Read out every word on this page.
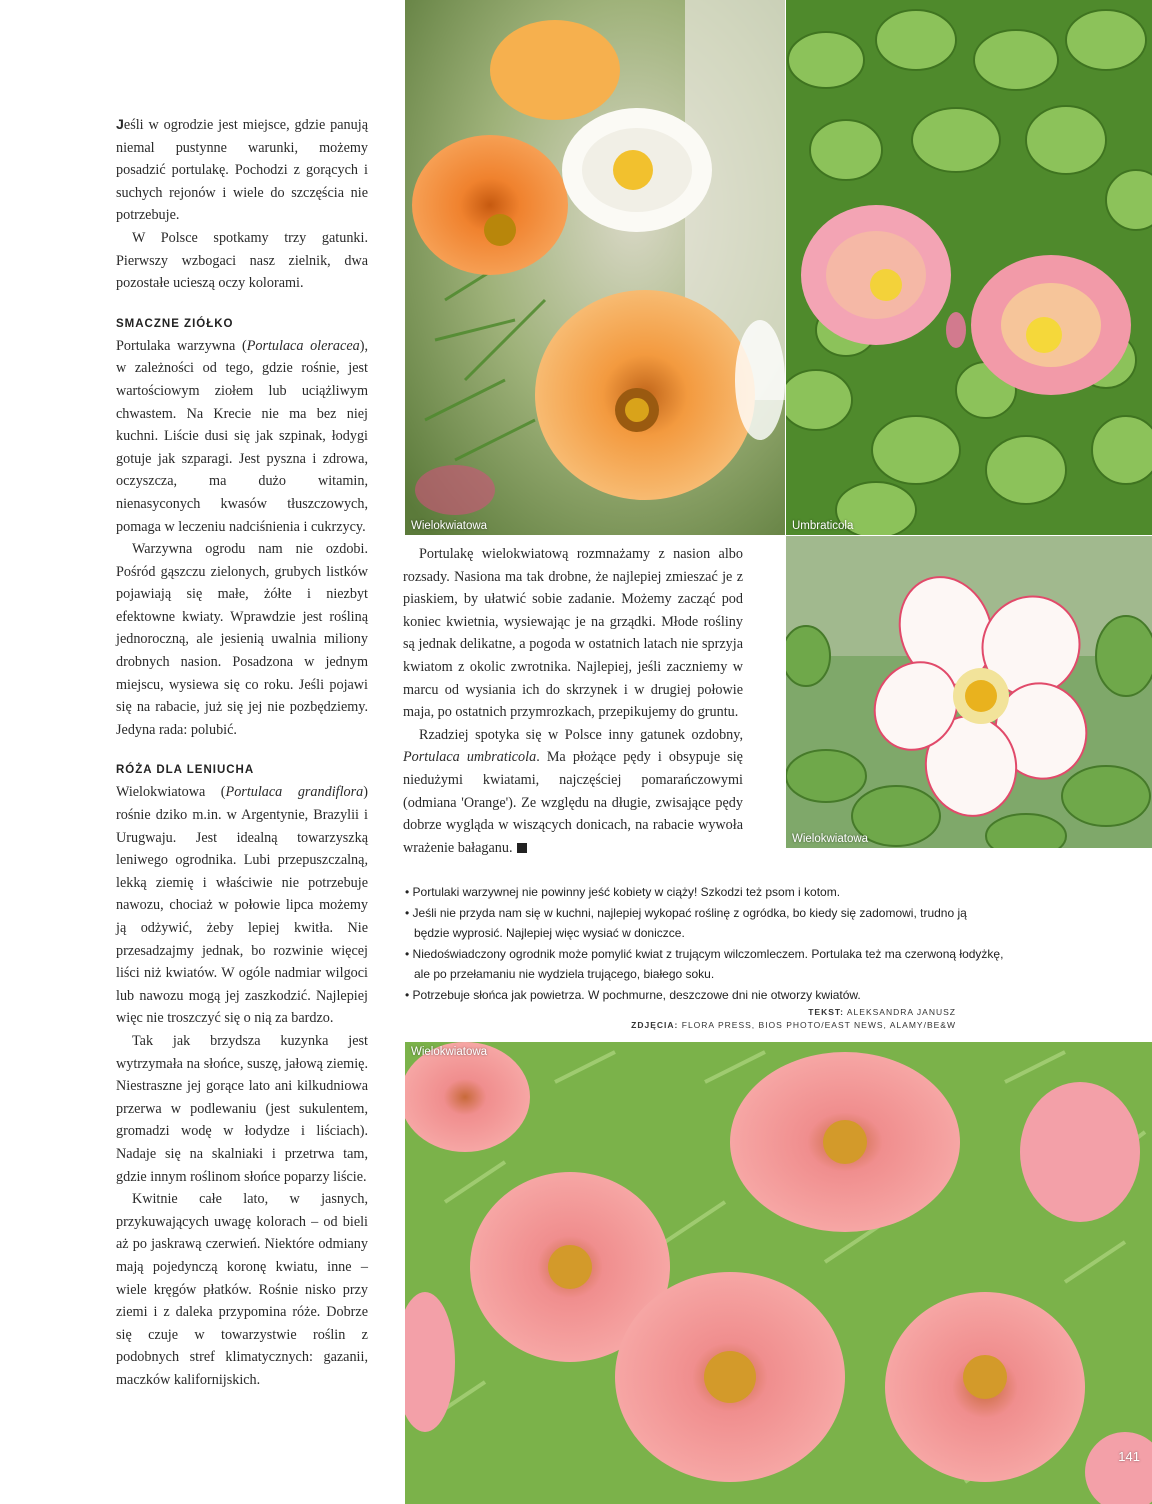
Jeśli w ogrodzie jest miejsce, gdzie panują niemal pustynne warunki, możemy posadzić portulakę. Pochodzi z gorących i suchych rejonów i wiele do szczęścia nie potrzebuje.

W Polsce spotkamy trzy gatunki. Pierwszy wzbogaci nasz zielnik, dwa pozostałe ucieszą oczy kolorami.

SMACZNE ZIÓŁKO

Portulaka warzywna (Portulaca oleracea), w zależności od tego, gdzie rośnie, jest wartościowym ziołem lub uciążliwym chwastem. Na Krecie nie ma bez niej kuchni. Liście dusi się jak szpinak, łodygi gotuje jak szparagi. Jest pyszna i zdrowa, oczyszcza, ma dużo witamin, nienasyconych kwasów tłuszczowych, pomaga w leczeniu nadciśnienia i cukrzycy.

Warzywna ogrodu nam nie ozdobi. Pośród gąszczu zielonych, grubych listków pojawiają się małe, żółte i niezbyt efektowne kwiaty. Wprawdzie jest rośliną jednoroczną, ale jesienią uwalnia miliony drobnych nasion. Posadzona w jednym miejscu, wysiewa się co roku. Jeśli pojawi się na rabacie, już się jej nie pozbędziemy. Jedyna rada: polubić.

RÓŻA DLA LENIUCHA

Wielokwiatowa (Portulaca grandiflora) rośnie dziko m.in. w Argentynie, Brazylii i Urugwaju. Jest idealną towarzyszką leniwego ogrodnika. Lubi przepuszczalną, lekką ziemię i właściwie nie potrzebuje nawozu, chociaż w połowie lipca możemy ją odżywić, żeby lepiej kwitła. Nie przesadzajmy jednak, bo rozwinie więcej liści niż kwiatów. W ogóle nadmiar wilgoci lub nawozu mogą jej zaszkodzić. Najlepiej więc nie troszczyć się o nią za bardzo.

Tak jak brzydsza kuzynka jest wytrzymała na słońce, suszę, jałową ziemię. Niestraszne jej gorące lato ani kilkudniowa przerwa w podlewaniu (jest sukulentem, gromadzi wodę w łodydze i liściach). Nadaje się na skalniaki i przetrwa tam, gdzie innym roślinom słońce poparzy liście.

Kwitnie całe lato, w jasnych, przykuwających uwagę kolorach – od bieli aż po jaskrawą czerwień. Niektóre odmiany mają pojedynczą koronę kwiatu, inne – wiele kręgów płatków. Rośnie nisko przy ziemi i z daleka przypomina róże. Dobrze się czuje w towarzystwie roślin z podobnych stref klimatycznych: gazanii, maczków kalifornijskich.

Portulakę wielokwiatową rozmnażamy z nasion albo rozsady. Nasiona ma tak drobne, że najlepiej zmieszać je z piaskiem, by ułatwić sobie zadanie. Możemy zacząć pod koniec kwietnia, wysiewając je na grządki. Młode rośliny są jednak delikatne, a pogoda w ostatnich latach nie sprzyja kwiatom z okolic zwrotnika. Najlepiej, jeśli zaczniemy w marcu od wysiania ich do skrzynek i w drugiej połowie maja, po ostatnich przymrozkach, przepikujemy do gruntu.

Rzadziej spotyka się w Polsce inny gatunek ozdobny, Portulaca umbraticola. Ma płożące pędy i obsypuje się niedużymi kwiatami, najczęściej pomarańczowymi (odmiana 'Orange'). Ze względu na długie, zwisające pędy dobrze wygląda w wiszących donicach, na rabacie wywoła wrażenie bałaganu.

Wielokwiatowa	Umbraticola
Wielokwiatowa
Wielokwiatowa

• Portulaki warzywnej nie powinny jeść kobiety w ciąży! Szkodzi też psom i kotom.

• Jeśli nie przyda nam się w kuchni, najlepiej wykopać roślinę z ogródka, bo kiedy się zadomowi, trudno ją będzie wyprosić. Najlepiej więc wysiać w doniczce.

• Niedoświadczony ogrodnik może pomylić kwiat z trującym wilczomleczem. Portulaka też ma czerwoną łodyżkę, ale po przełamaniu nie wydziela trującego, białego soku.

• Potrzebuje słońca jak powietrza. W pochmurne, deszczowe dni nie otworzy kwiatów.

TEKST: ALEKSANDRA JANUSZ
ZDJĘCIA: FLORA PRESS, BIOS PHOTO/EAST NEWS, ALAMY/BE&W
141
